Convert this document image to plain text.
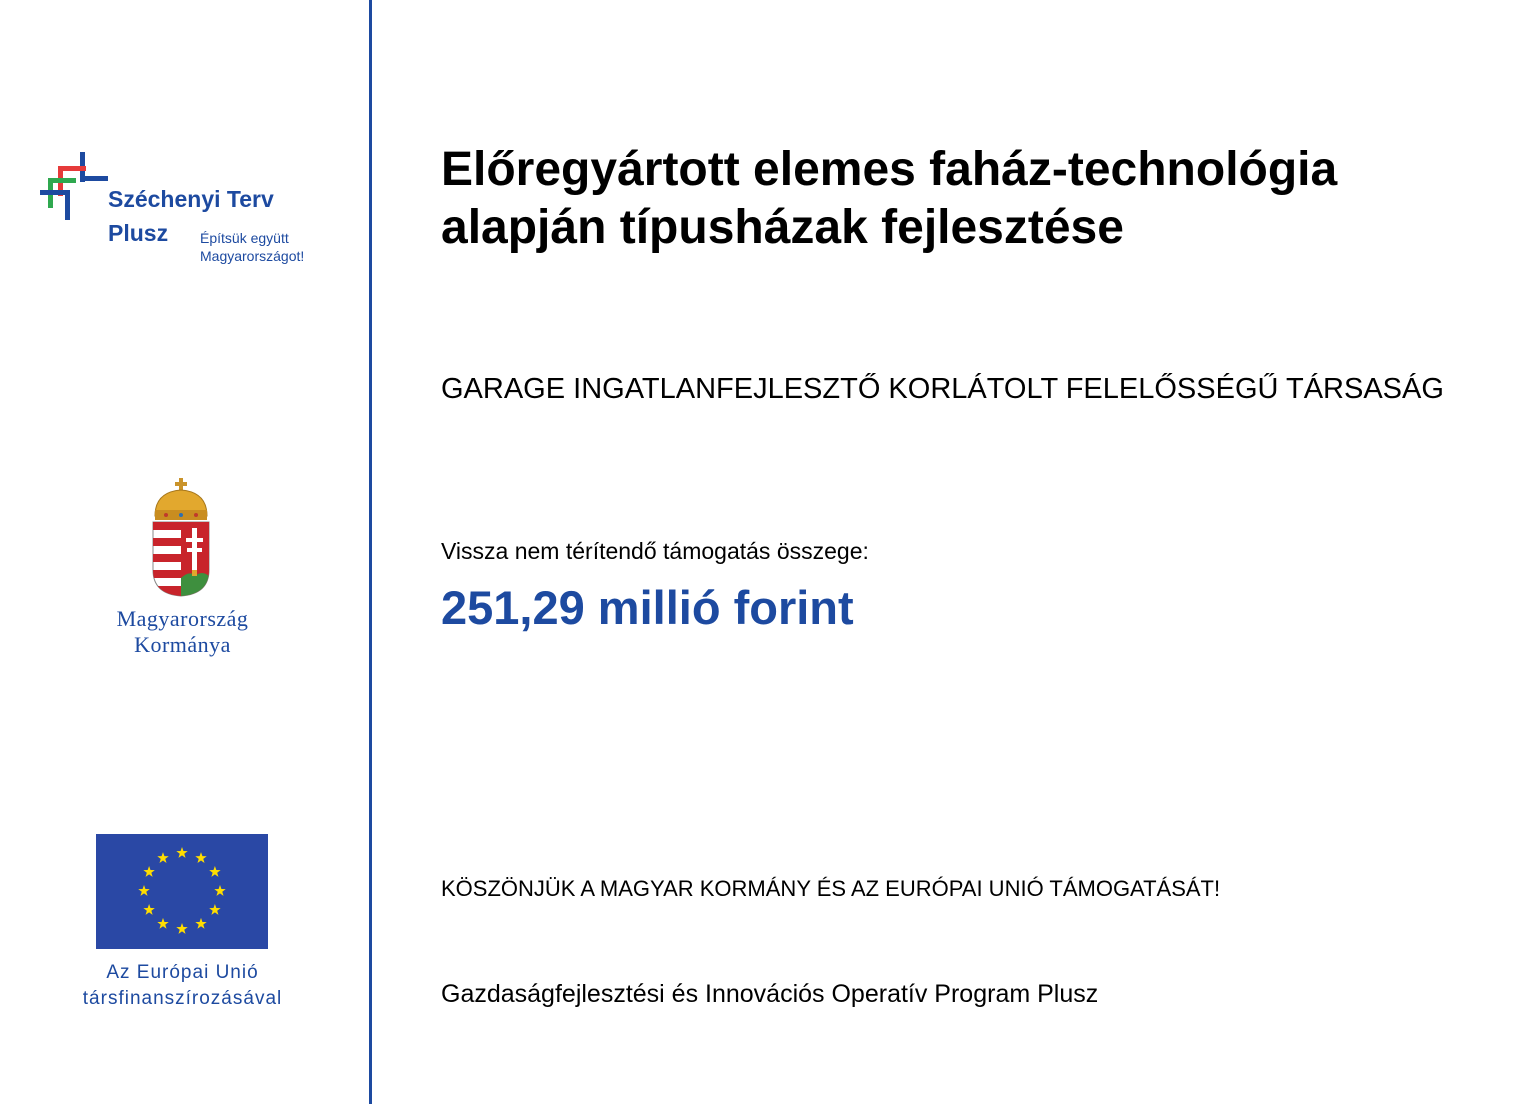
Széchenyi Terv
Plusz Építsük együtt
Magyarországot!
Magyarország
Kormánya
Az Európai Unió
társfinanszírozásával
Előregyártott elemes faház-technológia alapján típusházak fejlesztése
GARAGE INGATLANFEJLESZTŐ KORLÁTOLT FELELŐSSÉGŰ TÁRSASÁG
Vissza nem térítendő támogatás összege:
251,29 millió forint
KÖSZÖNJÜK A MAGYAR KORMÁNY ÉS AZ EURÓPAI UNIÓ TÁMOGATÁSÁT!
Gazdaságfejlesztési és Innovációs Operatív Program Plusz
